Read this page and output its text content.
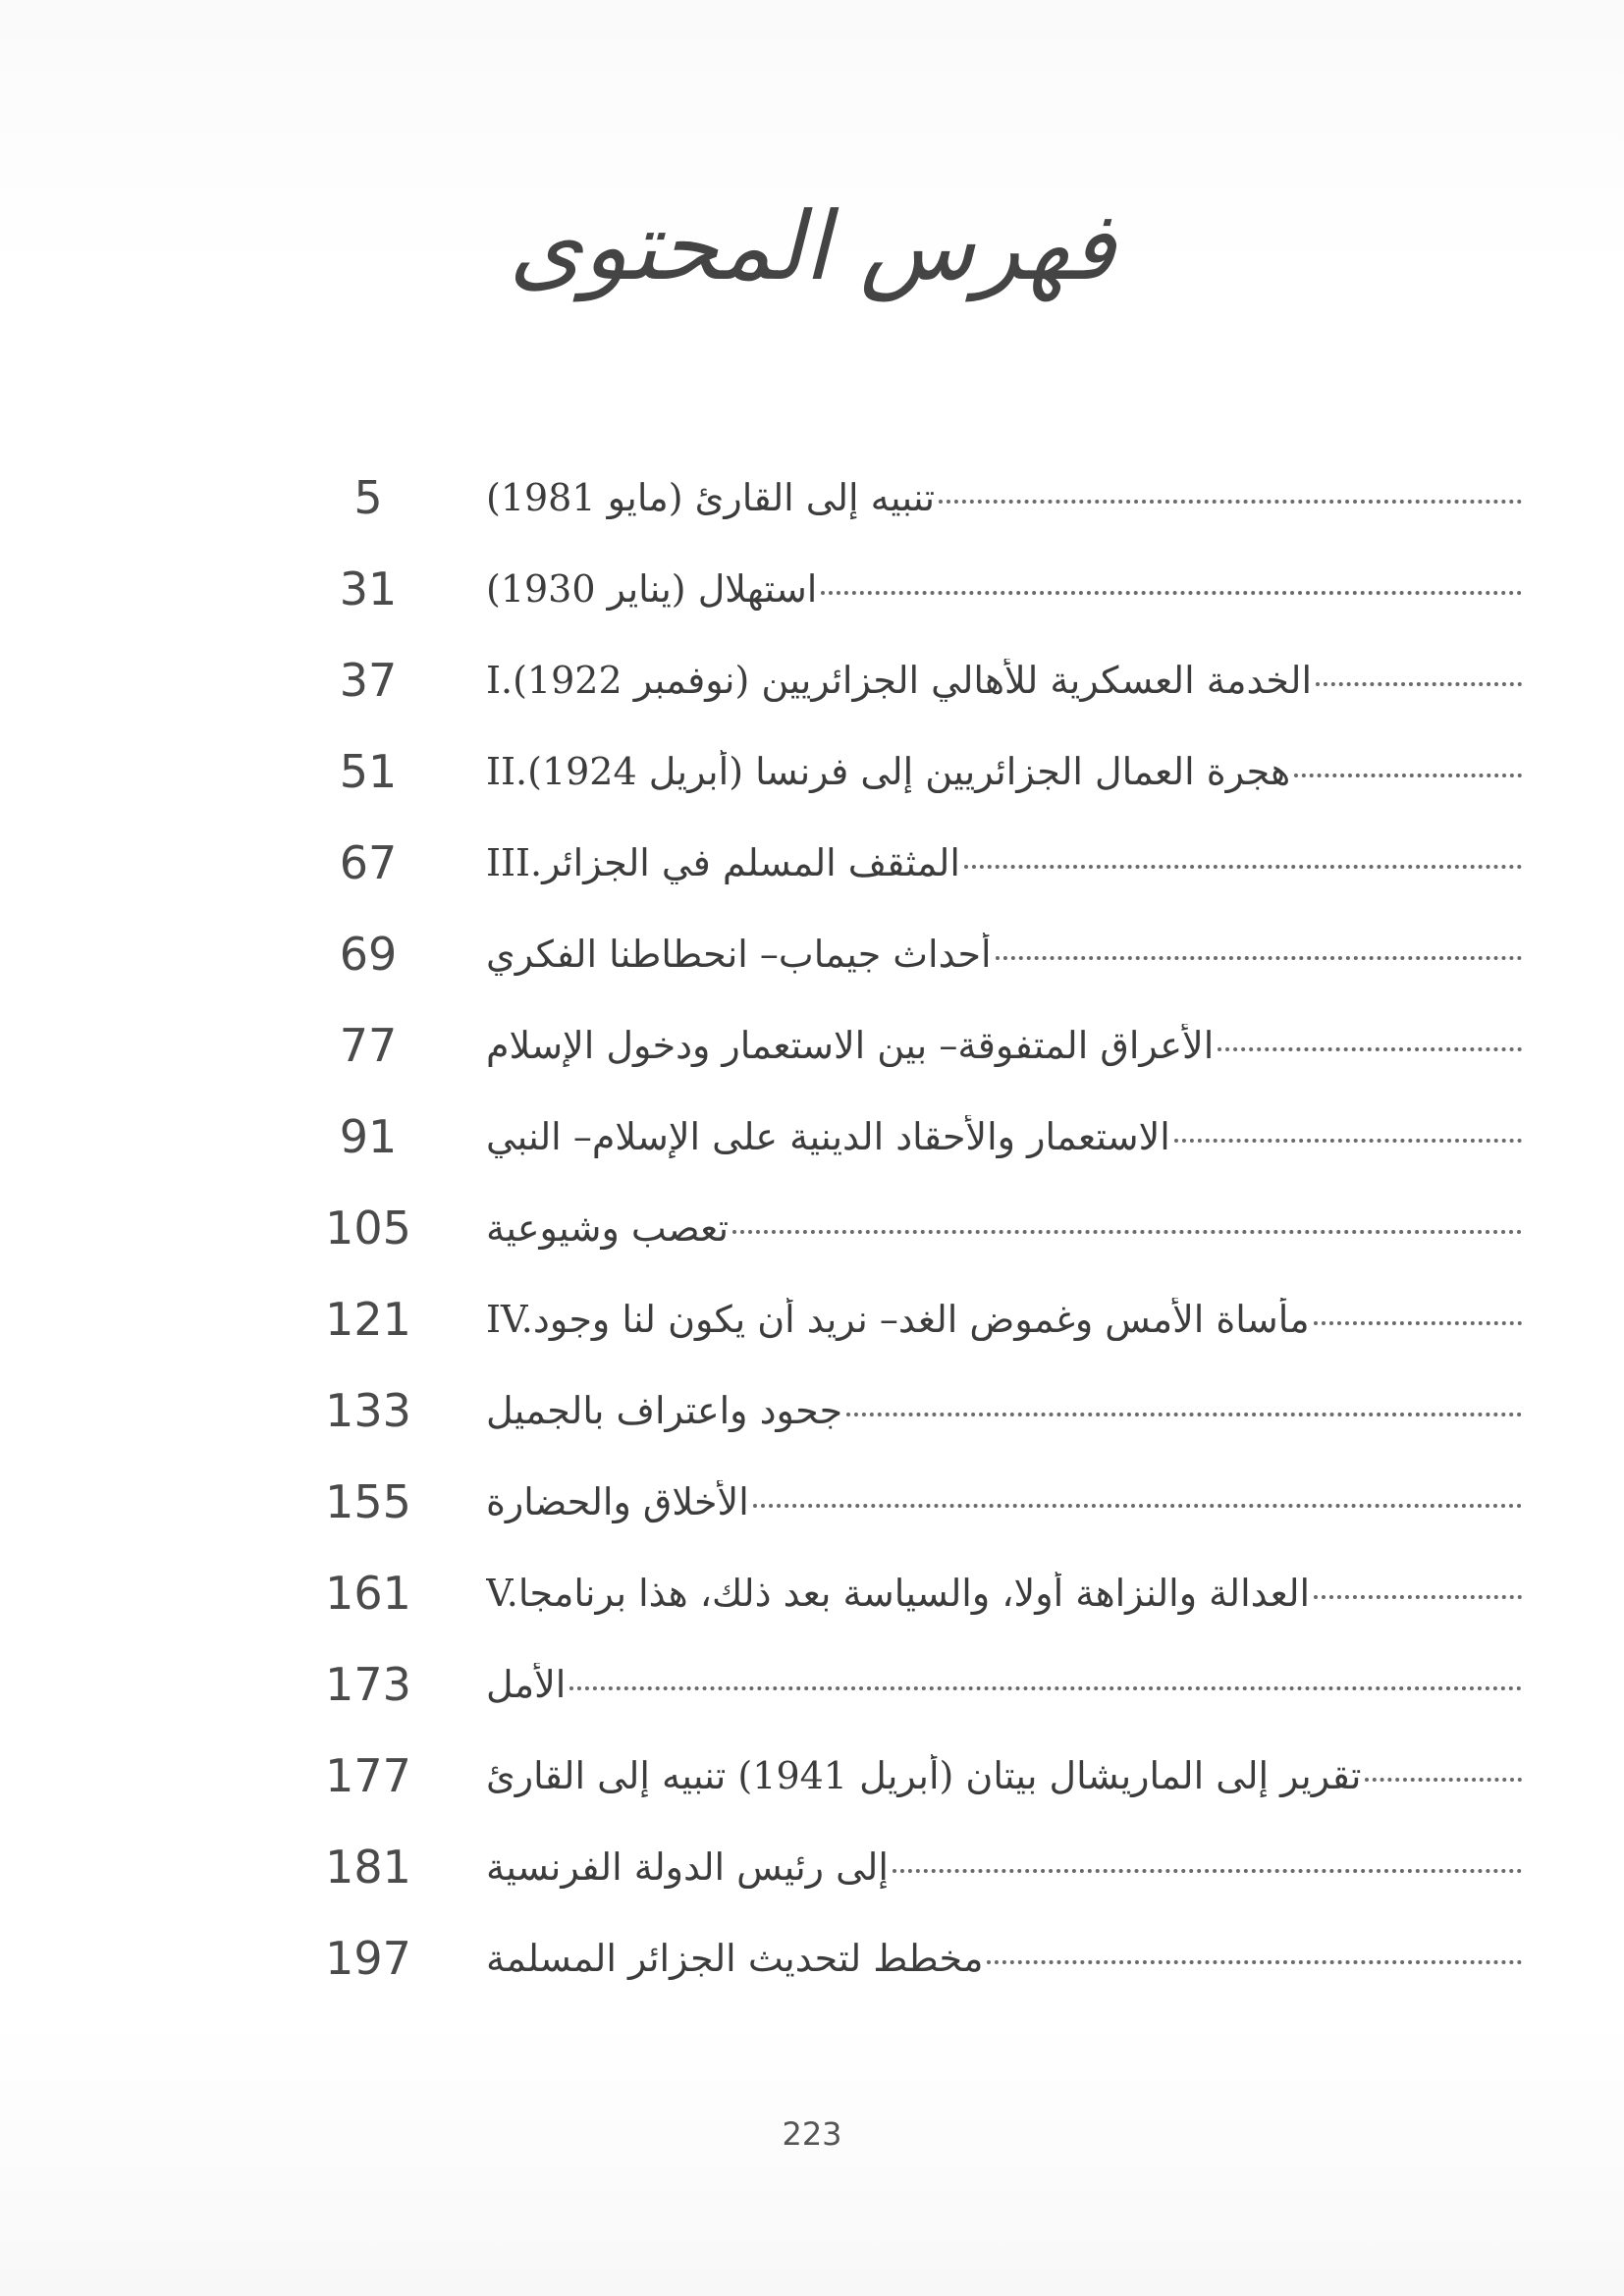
فهرس المحتوى
5	تنبيه إلى القارئ (مايو 1981)
31	استهلال (يناير 1930)
37	I.الخدمة العسكرية للأهالي الجزائريين (نوفمبر 1922)
51	II.هجرة العمال الجزائريين إلى فرنسا (أبريل 1924)
67	III.المثقف المسلم في الجزائر
69	أحداث جيماب– انحطاطنا الفكري
77	الأعراق المتفوقة– بين الاستعمار ودخول الإسلام
91	الاستعمار والأحقاد الدينية على الإسلام– النبي
105	تعصب وشيوعية
121	IV.مأساة الأمس وغموض الغد– نريد أن يكون لنا وجود
133	جحود واعتراف بالجميل
155	الأخلاق والحضارة
161	V.العدالة والنزاهة أولا، والسياسة بعد ذلك، هذا برنامجا
173	الأمل
177	تقرير إلى الماريشال بيتان (أبريل 1941) تنبيه إلى القارئ
181	إلى رئيس الدولة الفرنسية
197	مخطط لتحديث الجزائر المسلمة
223
